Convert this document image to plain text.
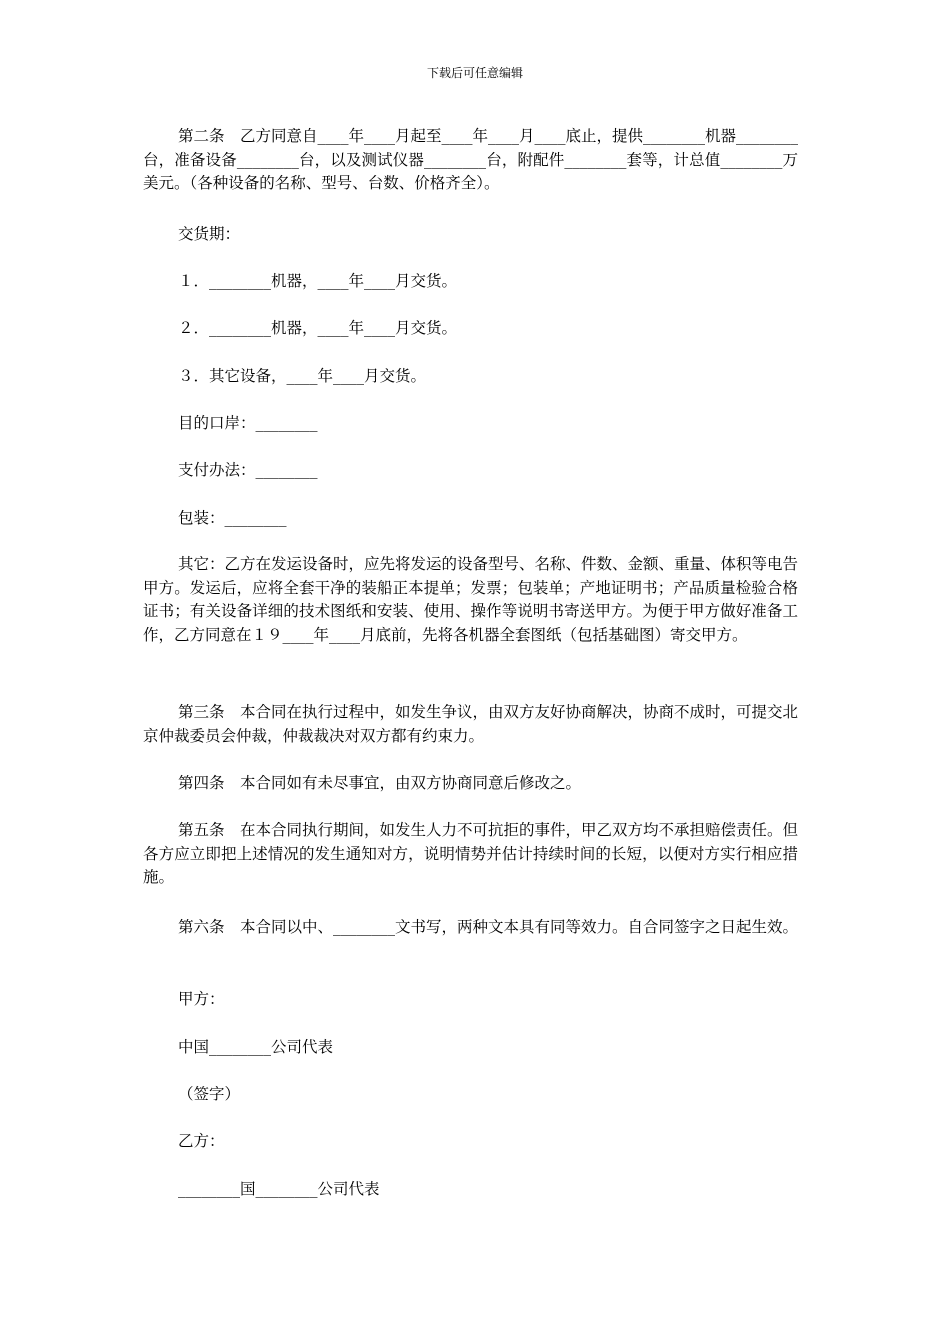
下载后可任意编辑
第二条　乙方同意自____年____月起至____年____月____底止，提供________机器________台，准备设备________台，以及测试仪器________台，附配件________套等，计总值________万美元。（各种设备的名称、型号、台数、价格齐全）。
交货期：
１．________机器，____年____月交货。
２．________机器，____年____月交货。
３．其它设备，____年____月交货。
目的口岸：________
支付办法：________
包装：________
其它：乙方在发运设备时，应先将发运的设备型号、名称、件数、金额、重量、体积等电告甲方。发运后，应将全套干净的装船正本提单；发票；包装单；产地证明书；产品质量检验合格证书；有关设备详细的技术图纸和安装、使用、操作等说明书寄送甲方。为便于甲方做好准备工作，乙方同意在１９____年____月底前，先将各机器全套图纸（包括基础图）寄交甲方。
第三条　本合同在执行过程中，如发生争议，由双方友好协商解决，协商不成时，可提交北京仲裁委员会仲裁，仲裁裁决对双方都有约束力。
第四条　本合同如有未尽事宜，由双方协商同意后修改之。
第五条　在本合同执行期间，如发生人力不可抗拒的事件，甲乙双方均不承担赔偿责任。但各方应立即把上述情况的发生通知对方，说明情势并估计持续时间的长短，以便对方实行相应措施。
第六条　本合同以中、________文书写，两种文本具有同等效力。自合同签字之日起生效。
甲方：
中国________公司代表
（签字）
乙方：
________国________公司代表
